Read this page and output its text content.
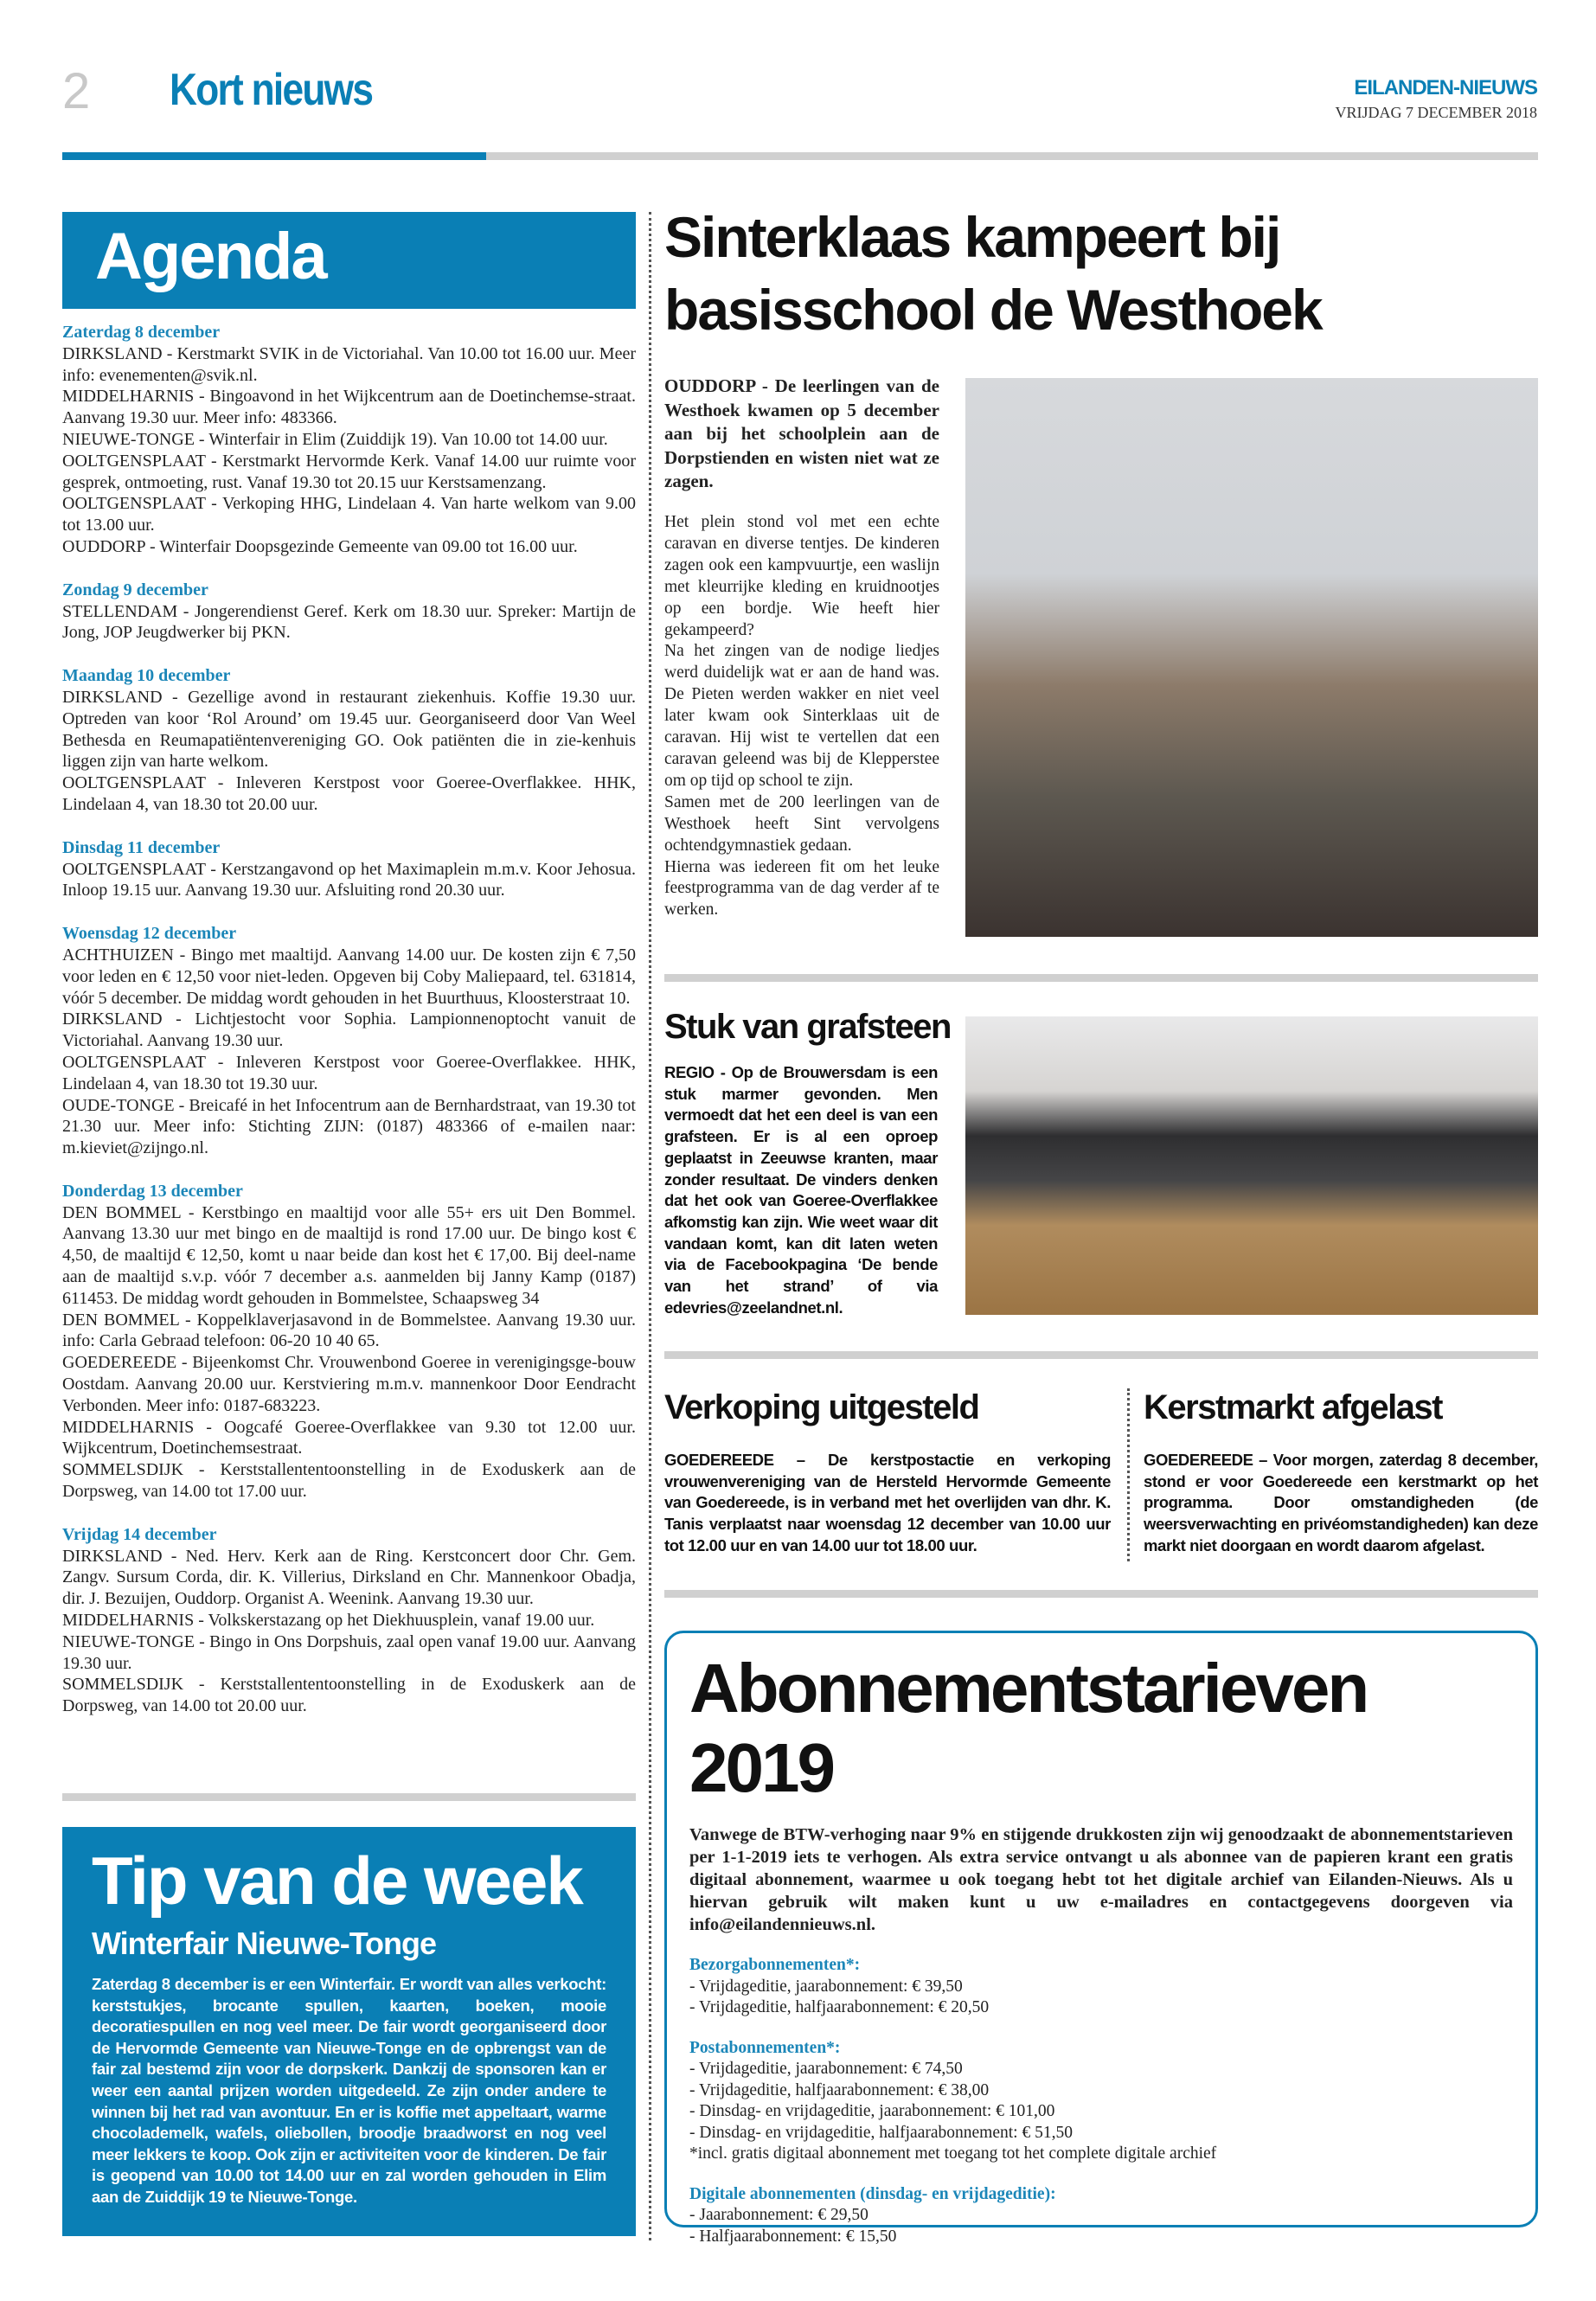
2 Kort nieuws	EILANDEN-NIEUWS
VRIJDAG 7 DECEMBER 2018
Agenda
Zaterdag 8 december
DIRKSLAND - Kerstmarkt SVIK in de Victoriahal. Van 10.00 tot 16.00 uur. Meer info: evenementen@svik.nl.
MIDDELHARNIS - Bingoavond in het Wijkcentrum aan de Doetinchemse-straat. Aanvang 19.30 uur. Meer info: 483366.
NIEUWE-TONGE - Winterfair in Elim (Zuiddijk 19). Van 10.00 tot 14.00 uur.
OOLTGENSPLAAT - Kerstmarkt Hervormde Kerk. Vanaf 14.00 uur ruimte voor gesprek, ontmoeting, rust. Vanaf 19.30 tot 20.15 uur Kerstsamenzang.
OOLTGENSPLAAT - Verkoping HHG, Lindelaan 4. Van harte welkom van 9.00 tot 13.00 uur.
OUDDORP - Winterfair Doopsgezinde Gemeente van 09.00 tot 16.00 uur.
Zondag 9 december
STELLENDAM - Jongerendienst Geref. Kerk om 18.30 uur. Spreker: Martijn de Jong, JOP Jeugdwerker bij PKN.
Maandag 10 december
DIRKSLAND - Gezellige avond in restaurant ziekenhuis. Koffie 19.30 uur. Optreden van koor ‘Rol Around’ om 19.45 uur. Georganiseerd door Van Weel Bethesda en Reumapatiëntenvereniging GO. Ook patiënten die in zie-kenhuis liggen zijn van harte welkom.
OOLTGENSPLAAT - Inleveren Kerstpost voor Goeree-Overflakkee. HHK, Lindelaan 4, van 18.30 tot 20.00 uur.
Dinsdag 11 december
OOLTGENSPLAAT - Kerstzangavond op het Maximaplein m.m.v. Koor Jehosua. Inloop 19.15 uur. Aanvang 19.30 uur. Afsluiting rond 20.30 uur.
Woensdag 12 december
ACHTHUIZEN - Bingo met maaltijd. Aanvang 14.00 uur. De kosten zijn € 7,50 voor leden en € 12,50 voor niet-leden. Opgeven bij Coby Maliepaard, tel. 631814, vóór 5 december. De middag wordt gehouden in het Buurthuus, Kloosterstraat 10.
DIRKSLAND - Lichtjestocht voor Sophia. Lampionnenoptocht vanuit de Victoriahal. Aanvang 19.30 uur.
OOLTGENSPLAAT - Inleveren Kerstpost voor Goeree-Overflakkee. HHK, Lindelaan 4, van 18.30 tot 19.30 uur.
OUDE-TONGE - Breicafé in het Infocentrum aan de Bernhardstraat, van 19.30 tot 21.30 uur. Meer info: Stichting ZIJN: (0187) 483366 of e-mailen naar: m.kieviet@zijngo.nl.
Donderdag 13 december
DEN BOMMEL - Kerstbingo en maaltijd voor alle 55+ ers uit Den Bommel. Aanvang 13.30 uur met bingo en de maaltijd is rond 17.00 uur. De bingo kost € 4,50, de maaltijd € 12,50, komt u naar beide dan kost het € 17,00. Bij deel-name aan de maaltijd s.v.p. vóór 7 december a.s. aanmelden bij Janny Kamp (0187) 611453. De middag wordt gehouden in Bommelstee, Schaapsweg 34
DEN BOMMEL - Koppelklaverjasavond in de Bommelstee. Aanvang 19.30 uur. info: Carla Gebraad telefoon: 06-20 10 40 65.
GOEDEREEDE - Bijeenkomst Chr. Vrouwenbond Goeree in verenigingsge-bouw Oostdam. Aanvang 20.00 uur. Kerstviering m.m.v. mannenkoor Door Eendracht Verbonden. Meer info: 0187-683223.
MIDDELHARNIS - Oogcafé Goeree-Overflakkee van 9.30 tot 12.00 uur. Wijkcentrum, Doetinchemsestraat.
SOMMELSDIJK - Kerststallententoonstelling in de Exoduskerk aan de Dorpsweg, van 14.00 tot 17.00 uur.
Vrijdag 14 december
DIRKSLAND - Ned. Herv. Kerk aan de Ring. Kerstconcert door Chr. Gem. Zangv. Sursum Corda, dir. K. Villerius, Dirksland en Chr. Mannenkoor Obadja, dir. J. Bezuijen, Ouddorp. Organist A. Weenink. Aanvang 19.30 uur.
MIDDELHARNIS - Volkskerstazang op het Diekhuusplein, vanaf 19.00 uur.
NIEUWE-TONGE - Bingo in Ons Dorpshuis, zaal open vanaf 19.00 uur. Aanvang 19.30 uur.
SOMMELSDIJK - Kerststallententoonstelling in de Exoduskerk aan de Dorpsweg, van 14.00 tot 20.00 uur.
Tip van de week
Winterfair Nieuwe-Tonge

Zaterdag 8 december is er een Winterfair. Er wordt van alles verkocht: kerststukjes, brocante spullen, kaarten, boeken, mooie decoratiespullen en nog veel meer. De fair wordt georganiseerd door de Hervormde Gemeente van Nieuwe-Tonge en de opbrengst van de fair zal bestemd zijn voor de dorpskerk. Dankzij de sponsoren kan er weer een aantal prijzen worden uitgedeeld. Ze zijn onder andere te winnen bij het rad van avontuur. En er is koffie met appeltaart, warme chocolademelk, wafels, oliebollen, broodje braadworst en nog veel meer lekkers te koop. Ook zijn er activiteiten voor de kinderen. De fair is geopend van 10.00 tot 14.00 uur en zal worden gehouden in Elim aan de Zuiddijk 19 te Nieuwe-Tonge.

Sinterklaas kampeert bij basisschool de Westhoek
OUDDORP - De leerlingen van de Westhoek kwamen op 5 december aan bij het schoolplein aan de Dorpstienden en wisten niet wat ze zagen.

Het plein stond vol met een echte caravan en diverse tentjes. De kinderen zagen ook een kampvuurtje, een waslijn met kleurrijke kleding en kruidnootjes op een bordje. Wie heeft hier gekampeerd?

Na het zingen van de nodige liedjes werd duidelijk wat er aan de hand was. De Pieten werden wakker en niet veel later kwam ook Sinterklaas uit de caravan. Hij wist te vertellen dat een caravan geleend was bij de Klepperstee om op tijd op school te zijn.

Samen met de 200 leerlingen van de Westhoek heeft Sint vervolgens ochtendgymnastiek gedaan.

Hierna was iedereen fit om het leuke feestprogramma van de dag verder af te werken.

Stuk van grafsteen
REGIO - Op de Brouwersdam is een stuk marmer gevonden. Men vermoedt dat het een deel is van een grafsteen. Er is al een oproep geplaatst in Zeeuwse kranten, maar zonder resultaat. De vinders denken dat het ook van Goeree-Overflakkee afkomstig kan zijn. Wie weet waar dit vandaan komt, kan dit laten weten via de Facebookpagina ‘De bende van het strand’ of via edevries@zeelandnet.nl.
Verkoping uitgesteld
GOEDEREEDE – De kerstpostactie en verkoping vrouwenvereniging van de Hersteld Hervormde Gemeente van Goedereede, is in verband met het overlijden van dhr. K. Tanis verplaatst naar woensdag 12 december van 10.00 uur tot 12.00 uur en van 14.00 uur tot 18.00 uur.
Kerstmarkt afgelast
GOEDEREEDE – Voor morgen, zaterdag 8 december, stond er voor Goedereede een kerstmarkt op het programma. Door omstandigheden (de weersverwachting en privéomstandigheden) kan deze markt niet doorgaan en wordt daarom afgelast.
Abonnementstarieven 2019

Vanwege de BTW-verhoging naar 9% en stijgende drukkosten zijn wij genoodzaakt de abonnementstarieven per 1-1-2019 iets te verhogen. Als extra service ontvangt u als abonnee van de papieren krant een gratis digitaal abonnement, waarmee u ook toegang hebt tot het digitale archief van Eilanden-Nieuws. Als u hiervan gebruik wilt maken kunt u uw e-mailadres en contactgegevens doorgeven via info@eilandennieuws.nl.

Bezorgabonnementen*:
- Vrijdageditie, jaarabonnement: € 39,50
- Vrijdageditie, halfjaarabonnement: € 20,50
Postabonnementen*:
- Vrijdageditie, jaarabonnement: € 74,50
- Vrijdageditie, halfjaarabonnement: € 38,00
- Dinsdag- en vrijdageditie, jaarabonnement: € 101,00
- Dinsdag- en vrijdageditie, halfjaarabonnement: € 51,50
*incl. gratis digitaal abonnement met toegang tot het complete digitale archief
Digitale abonnementen (dinsdag- en vrijdageditie):
- Jaarabonnement: € 29,50
- Halfjaarabonnement: € 15,50
